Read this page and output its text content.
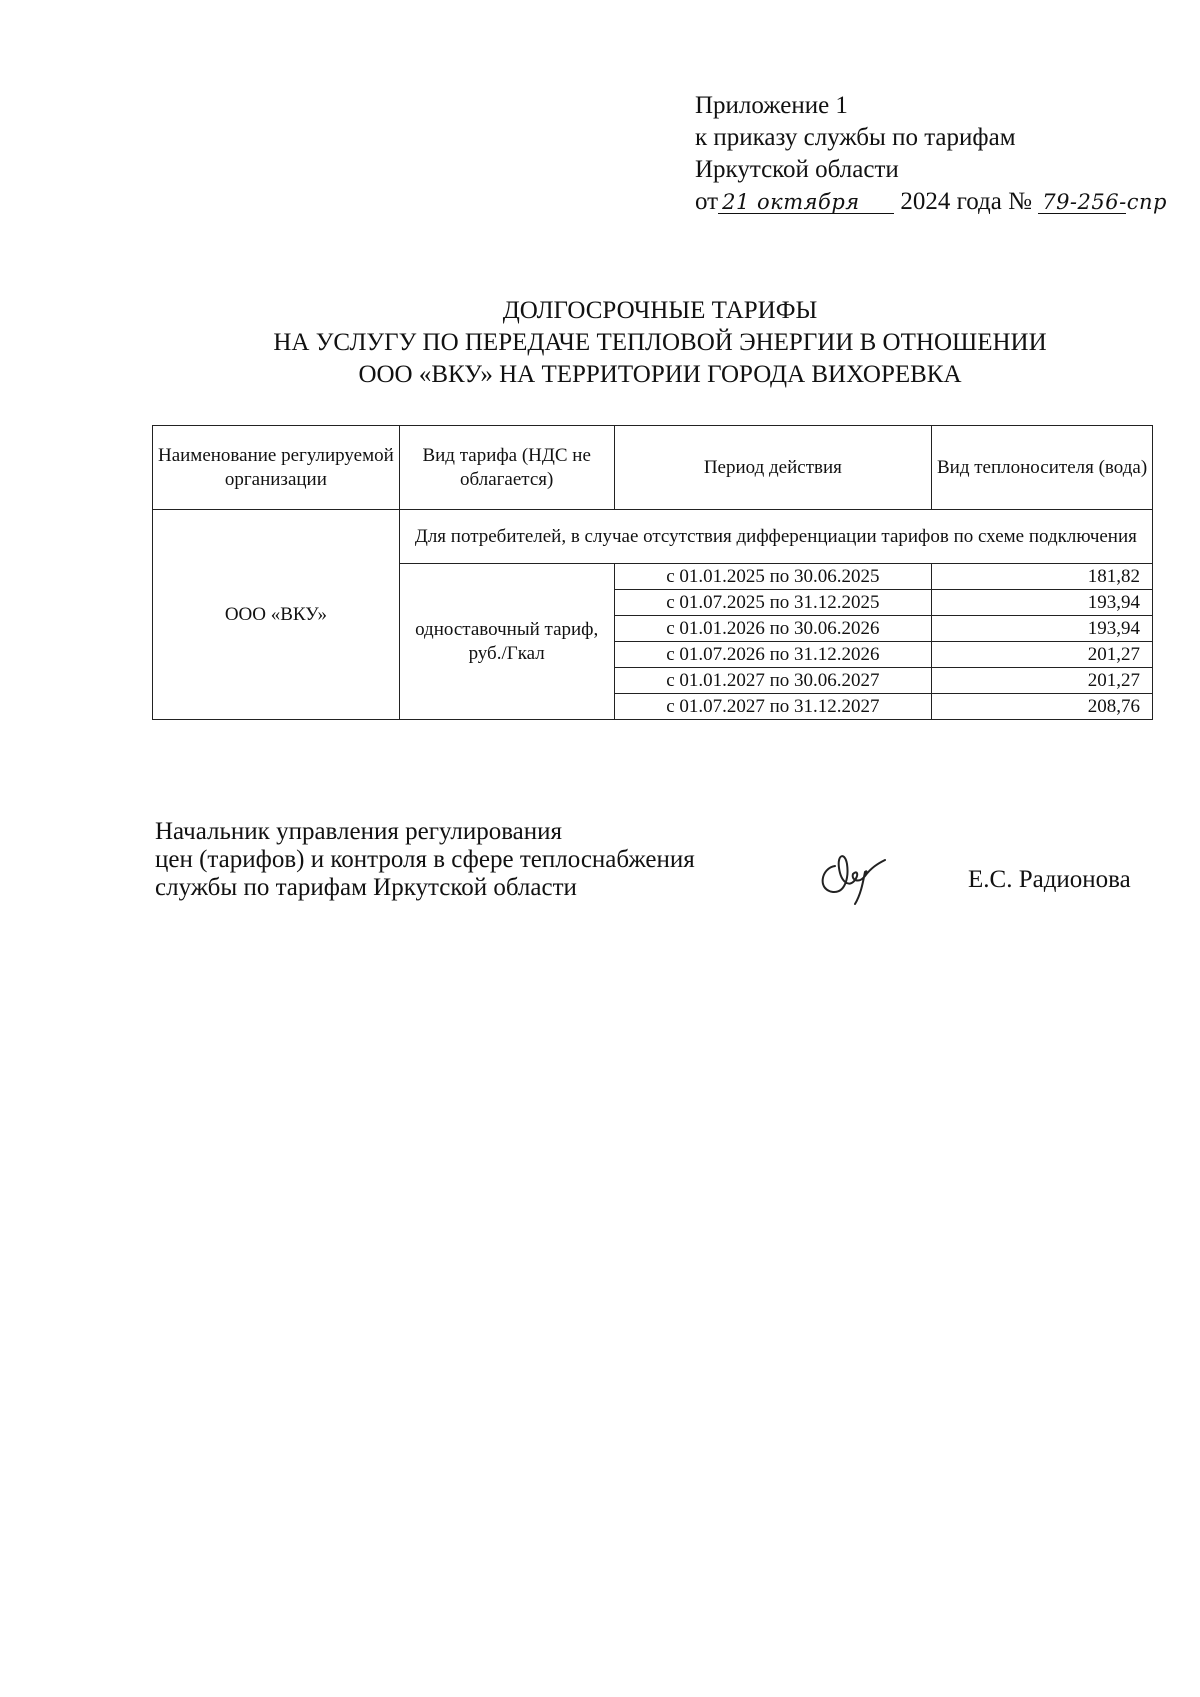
Приложение 1
к приказу службы по тарифам
Иркутской области
от 21 октября 2024 года № 79-256-спр
ДОЛГОСРОЧНЫЕ ТАРИФЫ
НА УСЛУГУ ПО ПЕРЕДАЧЕ ТЕПЛОВОЙ ЭНЕРГИИ В ОТНОШЕНИИ
ООО «ВКУ» НА ТЕРРИТОРИИ ГОРОДА ВИХОРЕВКА
Наименование регулируемой организации	Вид тарифа (НДС не облагается)	Период действия	Вид теплоносителя (вода)
ООО «ВКУ»	Для потребителей, в случае отсутствия дифференциации тарифов по схеме подключения		
	одноставочный тариф, руб./Гкал	с 01.01.2025 по 30.06.2025	181,82
		с 01.07.2025 по 31.12.2025	193,94
		с 01.01.2026 по 30.06.2026	193,94
		с 01.07.2026 по 31.12.2026	201,27
		с 01.01.2027 по 30.06.2027	201,27
		с 01.07.2027 по 31.12.2027	208,76
Начальник управления регулирования
цен (тарифов) и контроля в сфере теплоснабжения
службы по тарифам Иркутской области	Е.С. Радионова
